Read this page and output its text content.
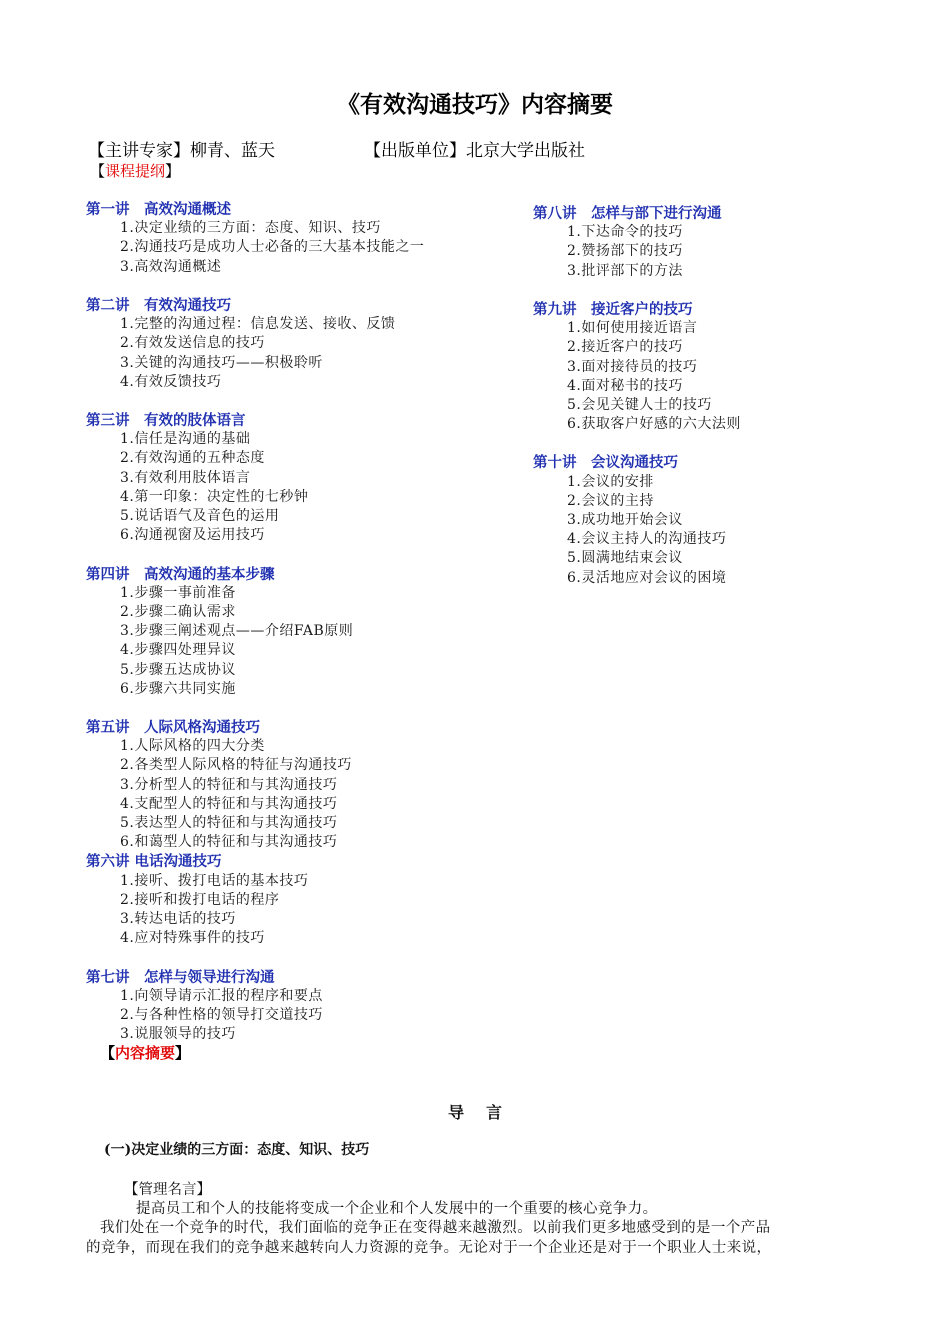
《有效沟通技巧》内容摘要
【主讲专家】柳青、蓝天	【出版单位】北京大学出版社
【课程提纲】
第一讲　高效沟通概述
1.决定业绩的三方面：态度、知识、技巧
2.沟通技巧是成功人士必备的三大基本技能之一
3.高效沟通概述
第二讲　有效沟通技巧
1.完整的沟通过程：信息发送、接收、反馈
2.有效发送信息的技巧
3.关键的沟通技巧——积极聆听
4.有效反馈技巧
第三讲　有效的肢体语言
1.信任是沟通的基础
2.有效沟通的五种态度
3.有效利用肢体语言
4.第一印象：决定性的七秒钟
5.说话语气及音色的运用
6.沟通视窗及运用技巧
第四讲　高效沟通的基本步骤
1.步骤一事前准备
2.步骤二确认需求
3.步骤三阐述观点——介绍FAB原则
4.步骤四处理异议
5.步骤五达成协议
6.步骤六共同实施
第五讲　人际风格沟通技巧
1.人际风格的四大分类
2.各类型人际风格的特征与沟通技巧
3.分析型人的特征和与其沟通技巧
4.支配型人的特征和与其沟通技巧
5.表达型人的特征和与其沟通技巧
6.和蔼型人的特征和与其沟通技巧
第六讲 电话沟通技巧
1.接听、拨打电话的基本技巧
2.接听和拨打电话的程序
3.转达电话的技巧
4.应对特殊事件的技巧
第七讲　怎样与领导进行沟通
1.向领导请示汇报的程序和要点
2.与各种性格的领导打交道技巧
3.说服领导的技巧
第八讲　怎样与部下进行沟通
1.下达命令的技巧
2.赞扬部下的技巧
3.批评部下的方法
第九讲　接近客户的技巧
1.如何使用接近语言
2.接近客户的技巧
3.面对接待员的技巧
4.面对秘书的技巧
5.会见关键人士的技巧
6.获取客户好感的六大法则
第十讲　会议沟通技巧
1.会议的安排
2.会议的主持
3.成功地开始会议
4.会议主持人的沟通技巧
5.圆满地结束会议
6.灵活地应对会议的困境
【内容摘要】
导言
(一)决定业绩的三方面：态度、知识、技巧
【管理名言】
提高员工和个人的技能将变成一个企业和个人发展中的一个重要的核心竞争力。
我们处在一个竞争的时代，我们面临的竞争正在变得越来越激烈。以前我们更多地感受到的是一个产品
的竞争，而现在我们的竞争越来越转向人力资源的竞争。无论对于一个企业还是对于一个职业人士来说，
